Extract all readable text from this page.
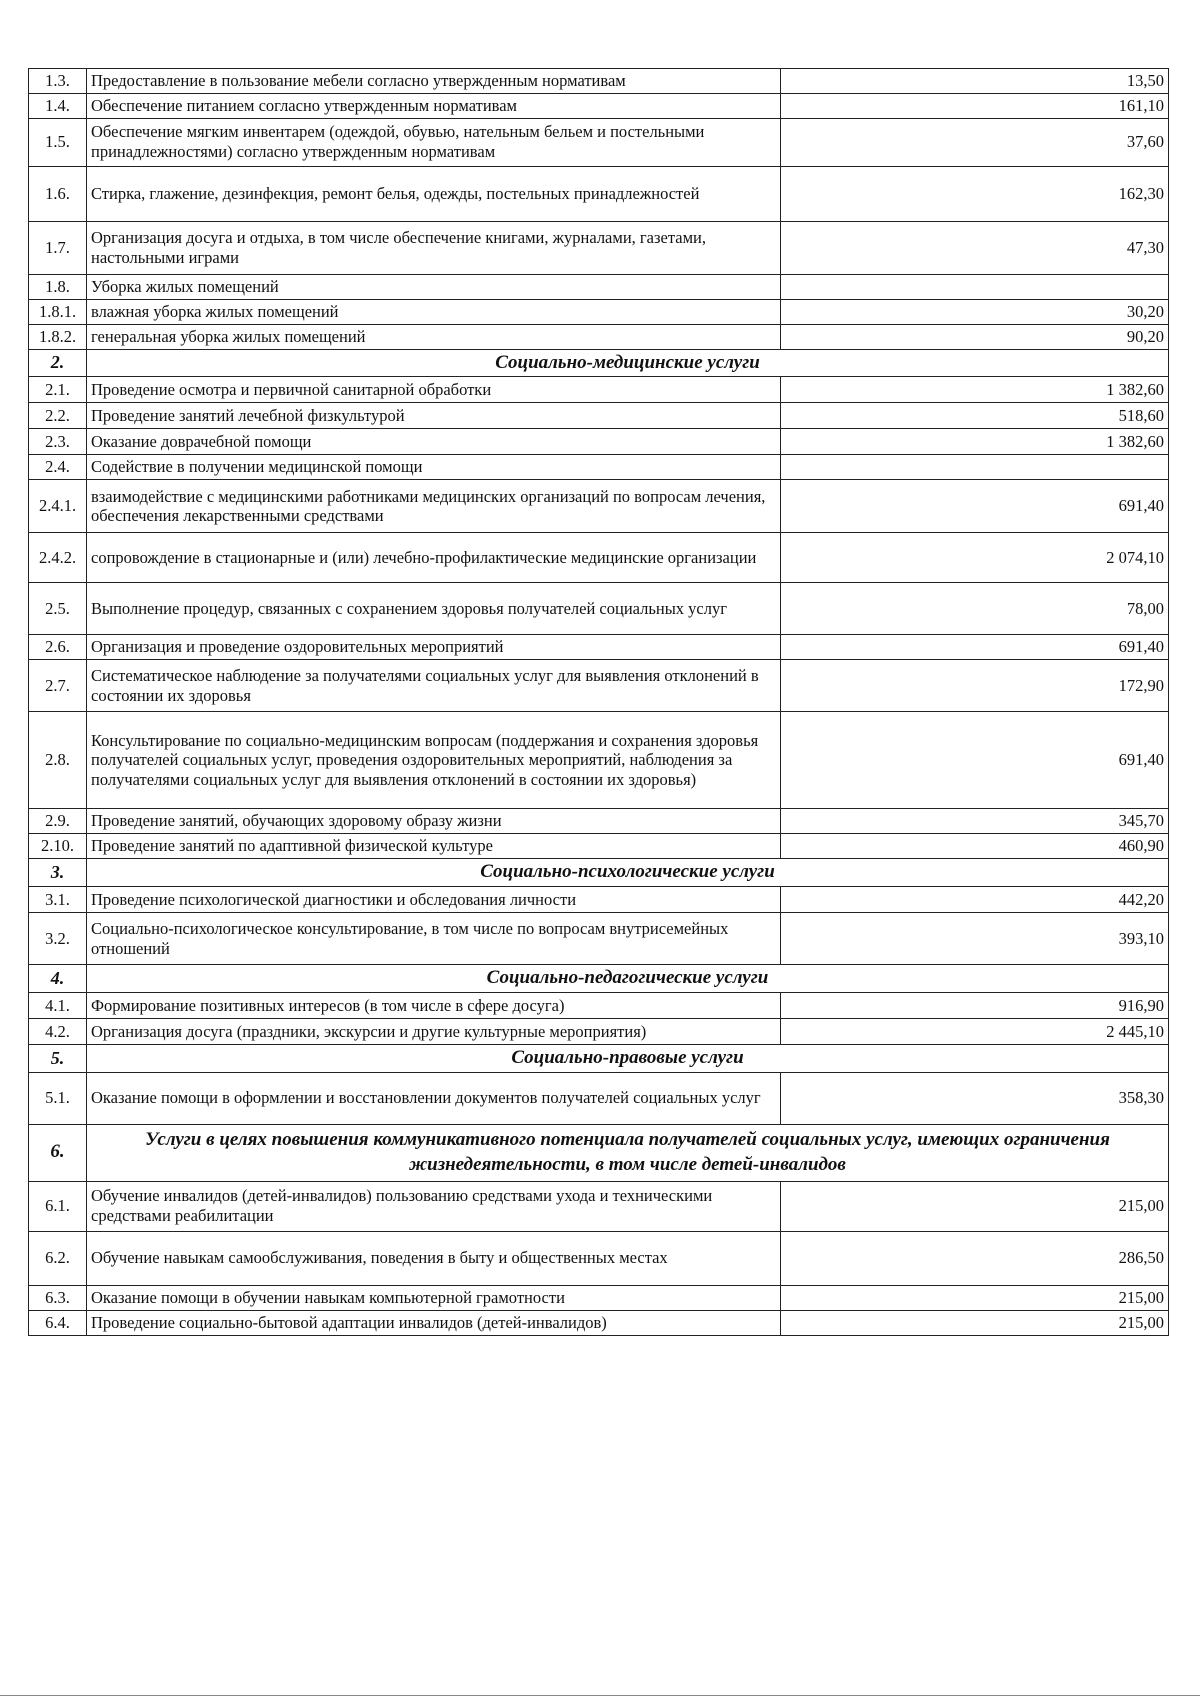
1.3.	Предоставление в пользование мебели согласно утвержденным нормативам	13,50
1.4.	Обеспечение питанием согласно утвержденным нормативам	161,10
1.5.	Обеспечение мягким инвентарем (одеждой, обувью, нательным бельем и постельными принадлежностями) согласно утвержденным нормативам	37,60
1.6.	Стирка, глажение, дезинфекция, ремонт белья, одежды, постельных принадлежностей	162,30
1.7.	Организация досуга и отдыха, в том числе обеспечение книгами, журналами, газетами, настольными играми	47,30
1.8.	Уборка жилых помещений	
1.8.1.	влажная уборка жилых помещений	30,20
1.8.2.	генеральная уборка жилых помещений	90,20
2.	Социально-медицинские услуги	
2.1.	Проведение осмотра и первичной санитарной обработки	1 382,60
2.2.	Проведение занятий лечебной физкультурой	518,60
2.3.	Оказание доврачебной помощи	1 382,60
2.4.	Содействие в получении медицинской помощи	
2.4.1.	взаимодействие с медицинскими работниками медицинских организаций по вопросам лечения, обеспечения лекарственными средствами	691,40
2.4.2.	сопровождение в стационарные и (или) лечебно-профилактические медицинские организации	2 074,10
2.5.	Выполнение процедур, связанных с сохранением здоровья получателей социальных услуг	78,00
2.6.	Организация и проведение оздоровительных мероприятий	691,40
2.7.	Систематическое наблюдение за получателями социальных услуг для выявления отклонений в состоянии их здоровья	172,90
2.8.	Консультирование по социально-медицинским вопросам (поддержания и сохранения здоровья получателей социальных услуг, проведения оздоровительных мероприятий, наблюдения за получателями социальных услуг для выявления отклонений в состоянии их здоровья)	691,40
2.9.	Проведение занятий, обучающих здоровому образу жизни	345,70
2.10.	Проведение занятий по адаптивной физической культуре	460,90
3.	Социально-психологические услуги	
3.1.	Проведение психологической диагностики и обследования личности	442,20
3.2.	Социально-психологическое консультирование, в том числе по вопросам внутрисемейных отношений	393,10
4.	Социально-педагогические услуги	
4.1.	Формирование позитивных интересов (в том числе в сфере досуга)	916,90
4.2.	Организация досуга (праздники, экскурсии и другие культурные мероприятия)	2 445,10
5.	Социально-правовые услуги	
5.1.	Оказание помощи в оформлении и восстановлении документов получателей социальных услуг	358,30
6.	Услуги в целях повышения коммуникативного потенциала получателей социальных услуг, имеющих ограничения жизнедеятельности, в том числе детей-инвалидов	
6.1.	Обучение инвалидов (детей-инвалидов) пользованию средствами ухода и техническими средствами реабилитации	215,00
6.2.	Обучение навыкам самообслуживания, поведения в быту и общественных местах	286,50
6.3.	Оказание помощи в обучении навыкам компьютерной грамотности	215,00
6.4.	Проведение социально-бытовой адаптации инвалидов (детей-инвалидов)	215,00
